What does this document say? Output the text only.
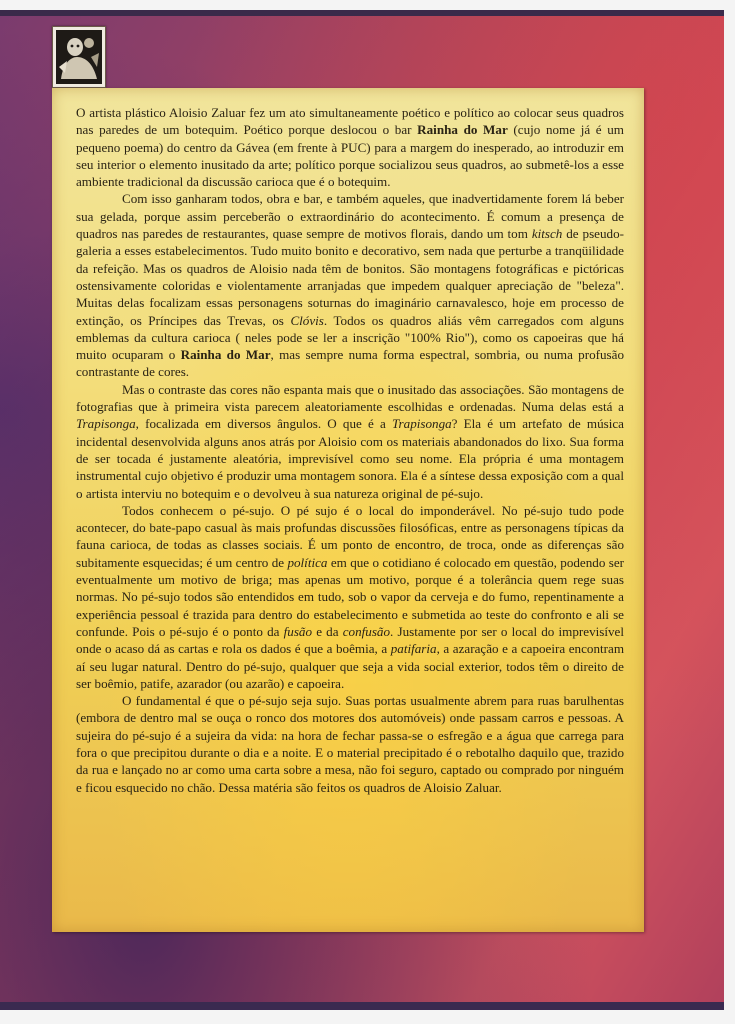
O artista plástico Aloisio Zaluar fez um ato simultaneamente poético e político ao colocar seus quadros nas paredes de um botequim. Poético porque deslocou o bar Rainha do Mar (cujo nome já é um pequeno poema) do centro da Gávea (em frente à PUC) para a margem do inesperado, ao introduzir em seu interior o elemento inusitado da arte; político porque socializou seus quadros, ao submetê-los a esse ambiente tradicional da discussão carioca que é o botequim.

Com isso ganharam todos, obra e bar, e também aqueles, que inadvertidamente forem lá beber sua gelada, porque assim perceberão o extraordinário do acontecimento. É comum a presença de quadros nas paredes de restaurantes, quase sempre de motivos florais, dando um tom kitsch de pseudo-galeria a esses estabelecimentos. Tudo muito bonito e decorativo, sem nada que perturbe a tranqüilidade da refeição. Mas os quadros de Aloisio nada têm de bonitos. São montagens fotográficas e pictóricas ostensivamente coloridas e violentamente arranjadas que impedem qualquer apreciação de "beleza". Muitas delas focalizam essas personagens soturnas do imaginário carnavalesco, hoje em processo de extinção, os Príncipes das Trevas, os Clóvis. Todos os quadros aliás vêm carregados com alguns emblemas da cultura carioca ( neles pode se ler a inscrição "100% Rio"), como os capoeiras que há muito ocuparam o Rainha do Mar, mas sempre numa forma espectral, sombria, ou numa profusão contrastante de cores.

Mas o contraste das cores não espanta mais que o inusitado das associações. São montagens de fotografias que à primeira vista parecem aleatoriamente escolhidas e ordenadas. Numa delas está a Trapisonga, focalizada em diversos ângulos. O que é a Trapisonga? Ela é um artefato de música incidental desenvolvida alguns anos atrás por Aloisio com os materiais abandonados do lixo. Sua forma de ser tocada é justamente aleatória, imprevisível como seu nome. Ela própria é uma montagem instrumental cujo objetivo é produzir uma montagem sonora. Ela é a síntese dessa exposição com a qual o artista interviu no botequim e o devolveu à sua natureza original de pé-sujo.

Todos conhecem o pé-sujo. O pé sujo é o local do imponderável. No pé-sujo tudo pode acontecer, do bate-papo casual às mais profundas discussões filosóficas, entre as personagens típicas da fauna carioca, de todas as classes sociais. É um ponto de encontro, de troca, onde as diferenças são subitamente esquecidas; é um centro de política em que o cotidiano é colocado em questão, podendo ser eventualmente um motivo de briga; mas apenas um motivo, porque é a tolerância quem rege suas normas. No pé-sujo todos são entendidos em tudo, sob o vapor da cerveja e do fumo, repentinamente a experiência pessoal é trazida para dentro do estabelecimento e submetida ao teste do confronto e ali se confunde. Pois o pé-sujo é o ponto da fusão e da confusão. Justamente por ser o local do imprevisível onde o acaso dá as cartas e rola os dados é que a boêmia, a patifaria, a azaração e a capoeira encontram aí seu lugar natural. Dentro do pé-sujo, qualquer que seja a vida social exterior, todos têm o direito de ser boêmio, patife, azarador (ou azarão) e capoeira.

O fundamental é que o pé-sujo seja sujo. Suas portas usualmente abrem para ruas barulhentas (embora de dentro mal se ouça o ronco dos motores dos automóveis) onde passam carros e pessoas. A sujeira do pé-sujo é a sujeira da vida: na hora de fechar passa-se o esfregão e a água que carrega para fora o que precipitou durante o dia e a noite. E o material precipitado é o rebotalho daquilo que, trazido da rua e lançado no ar como uma carta sobre a mesa, não foi seguro, captado ou comprado por ninguém e ficou esquecido no chão. Dessa matéria são feitos os quadros de Aloisio Zaluar.
